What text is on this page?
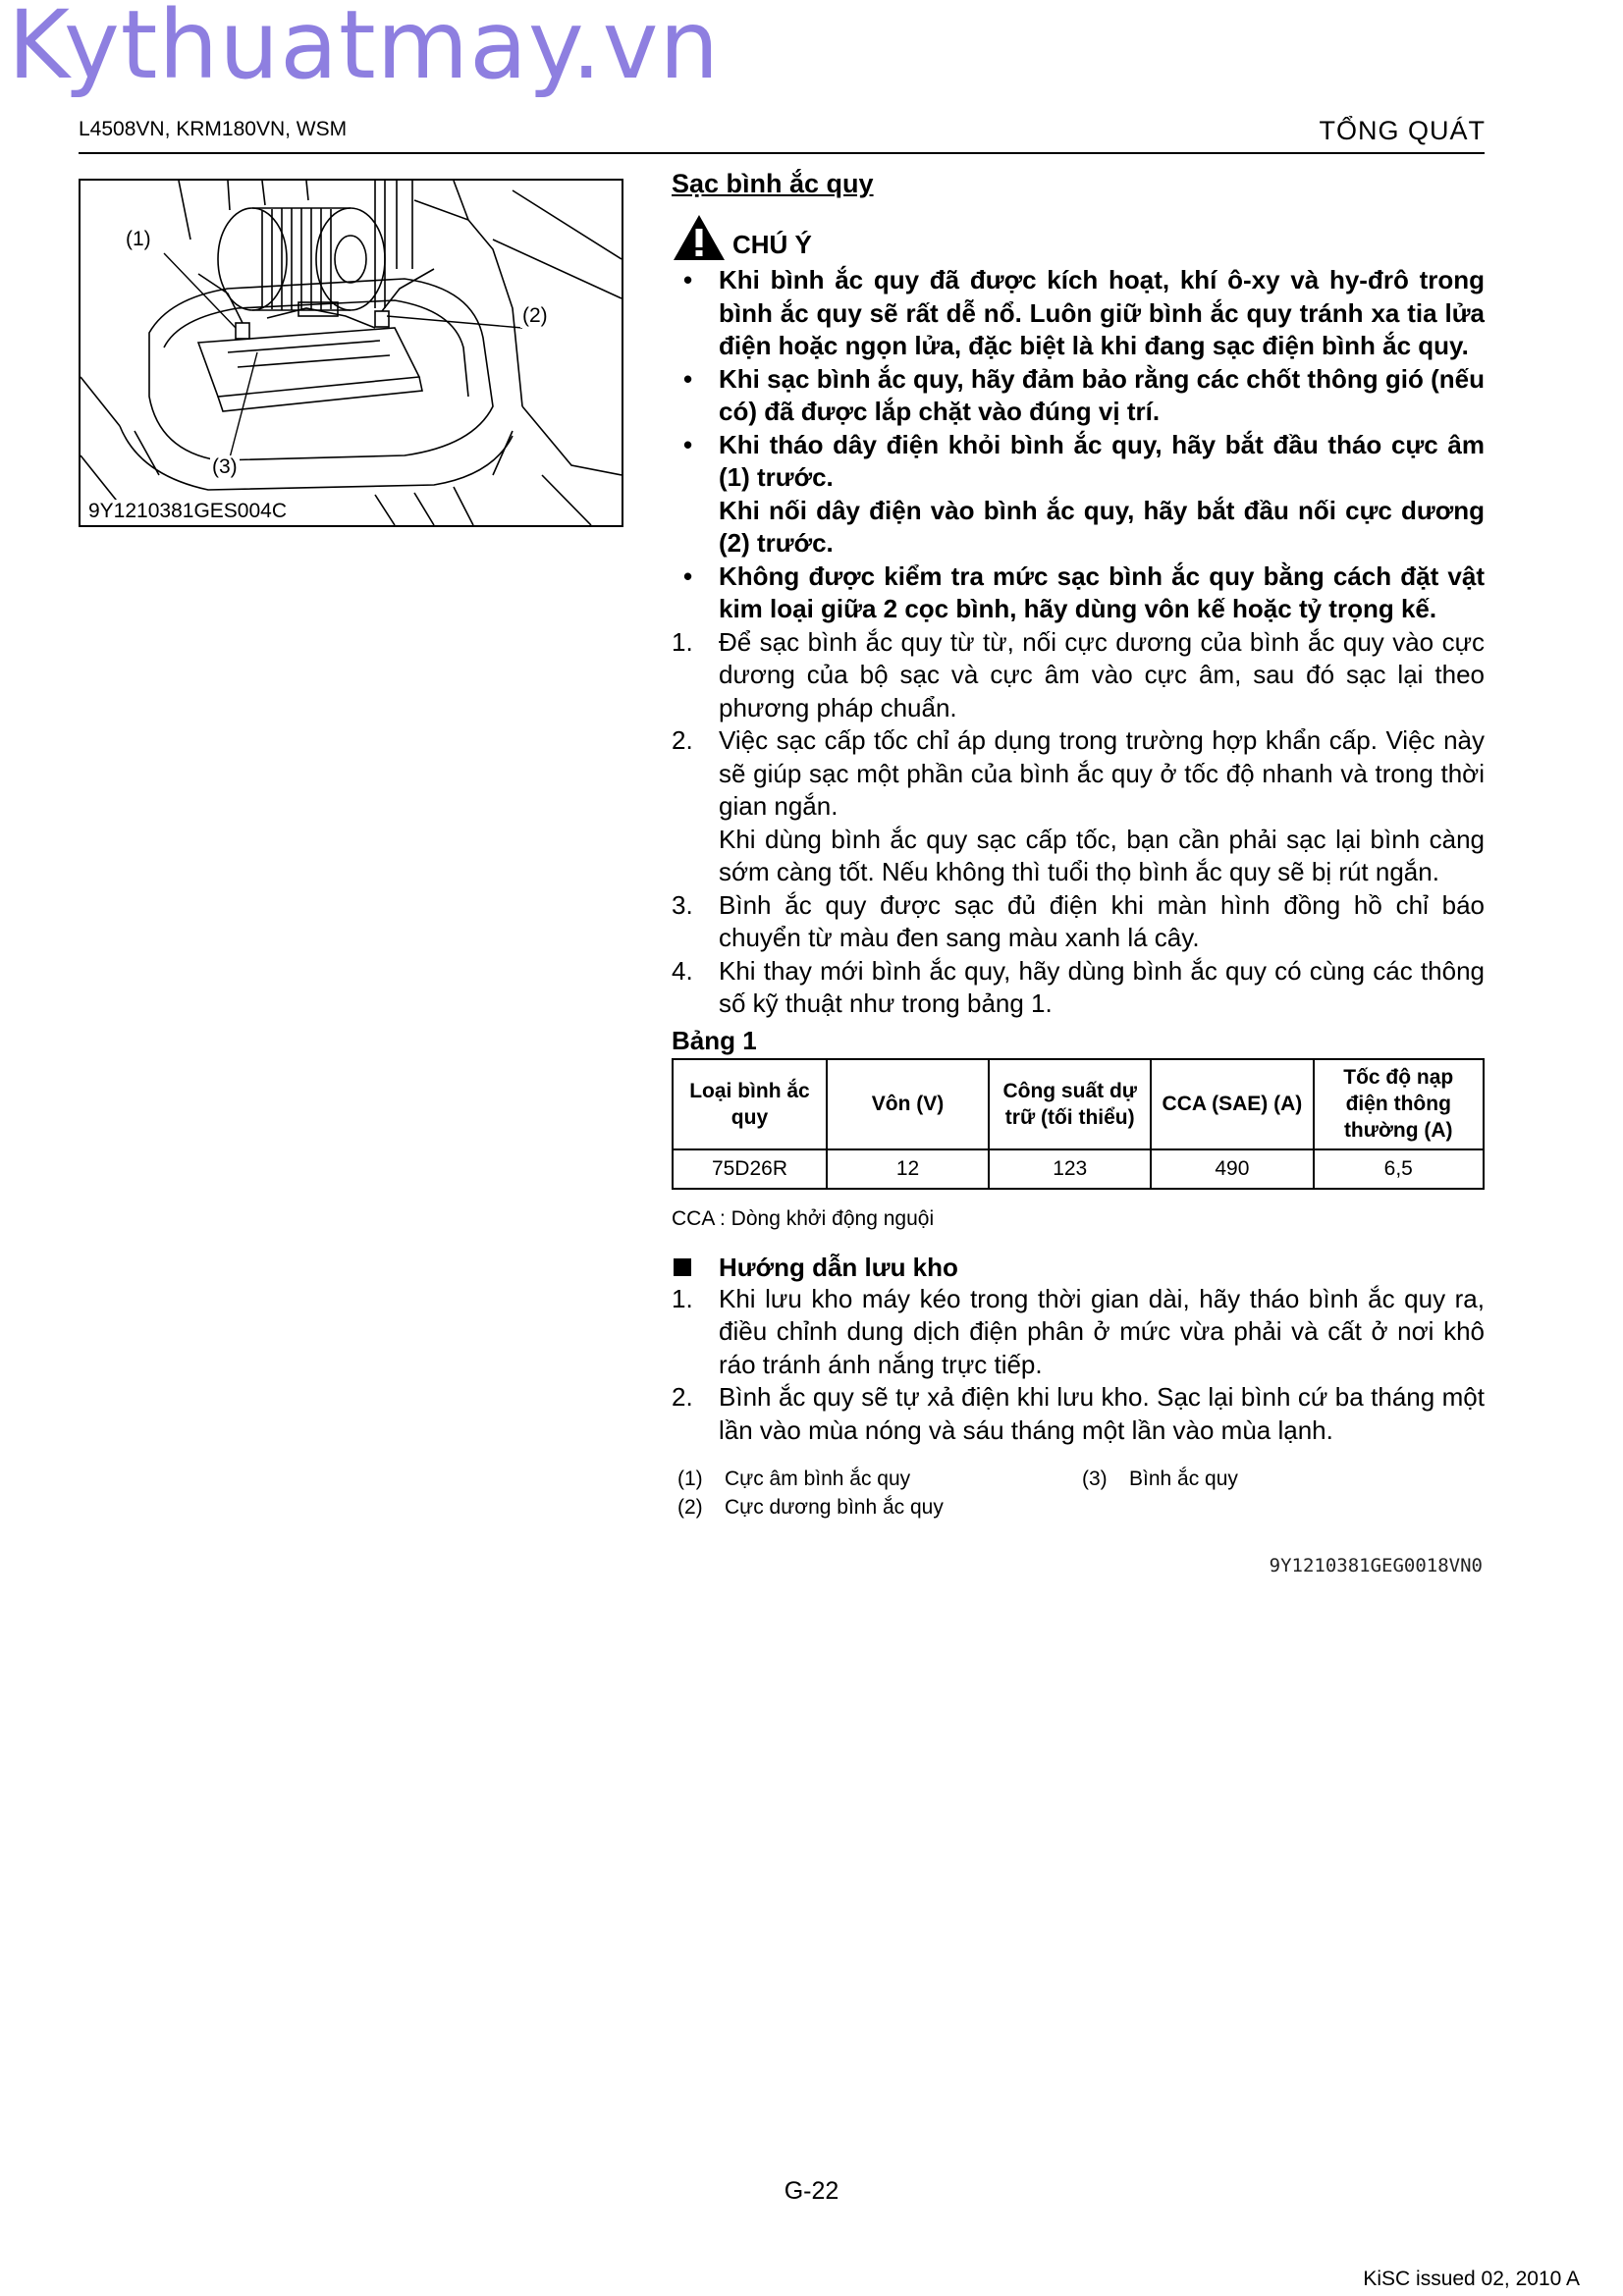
Kythuatmay.vn
L4508VN, KRM180VN, WSM	TỔNG QUÁT
(1)
(2)
(3)
9Y1210381GES004C
Sạc bình ắc quy
CHÚ Ý
• Khi bình ắc quy đã được kích hoạt, khí ô-xy và hy-đrô trong bình ắc quy sẽ rất dễ nổ. Luôn giữ bình ắc quy tránh xa tia lửa điện hoặc ngọn lửa, đặc biệt là khi đang sạc điện bình ắc quy.
• Khi sạc bình ắc quy, hãy đảm bảo rằng các chốt thông gió (nếu có) đã được lắp chặt vào đúng vị trí.
• Khi tháo dây điện khỏi bình ắc quy, hãy bắt đầu tháo cực âm (1) trước.
Khi nối dây điện vào bình ắc quy, hãy bắt đầu nối cực dương (2) trước.
• Không được kiểm tra mức sạc bình ắc quy bằng cách đặt vật kim loại giữa 2 cọc bình, hãy dùng vôn kế hoặc tỷ trọng kế.
1. Để sạc bình ắc quy từ từ, nối cực dương của bình ắc quy vào cực dương của bộ sạc và cực âm vào cực âm, sau đó sạc lại theo phương pháp chuẩn.
2. Việc sạc cấp tốc chỉ áp dụng trong trường hợp khẩn cấp. Việc này sẽ giúp sạc một phần của bình ắc quy ở tốc độ nhanh và trong thời gian ngắn.
Khi dùng bình ắc quy sạc cấp tốc, bạn cần phải sạc lại bình càng sớm càng tốt. Nếu không thì tuổi thọ bình ắc quy sẽ bị rút ngắn.
3. Bình ắc quy được sạc đủ điện khi màn hình đồng hồ chỉ báo chuyển từ màu đen sang màu xanh lá cây.
4. Khi thay mới bình ắc quy, hãy dùng bình ắc quy có cùng các thông số kỹ thuật như trong bảng 1.
Bảng 1
Loại bình ắc quy	Vôn (V)	Công suất dự trữ (tối thiểu)	CCA (SAE) (A)	Tốc độ nạp điện thông thường (A)
75D26R	12	123	490	6,5
CCA : Dòng khởi động nguội
Hướng dẫn lưu kho
1. Khi lưu kho máy kéo trong thời gian dài, hãy tháo bình ắc quy ra, điều chỉnh dung dịch điện phân ở mức vừa phải và cất ở nơi khô ráo tránh ánh nắng trực tiếp.
2. Bình ắc quy sẽ tự xả điện khi lưu kho. Sạc lại bình cứ ba tháng một lần vào mùa nóng và sáu tháng một lần vào mùa lạnh.
(1) Cực âm bình ắc quy
(2) Cực dương bình ắc quy
(3) Bình ắc quy
9Y1210381GEG0018VN0
G-22
KiSC issued 02, 2010 A
